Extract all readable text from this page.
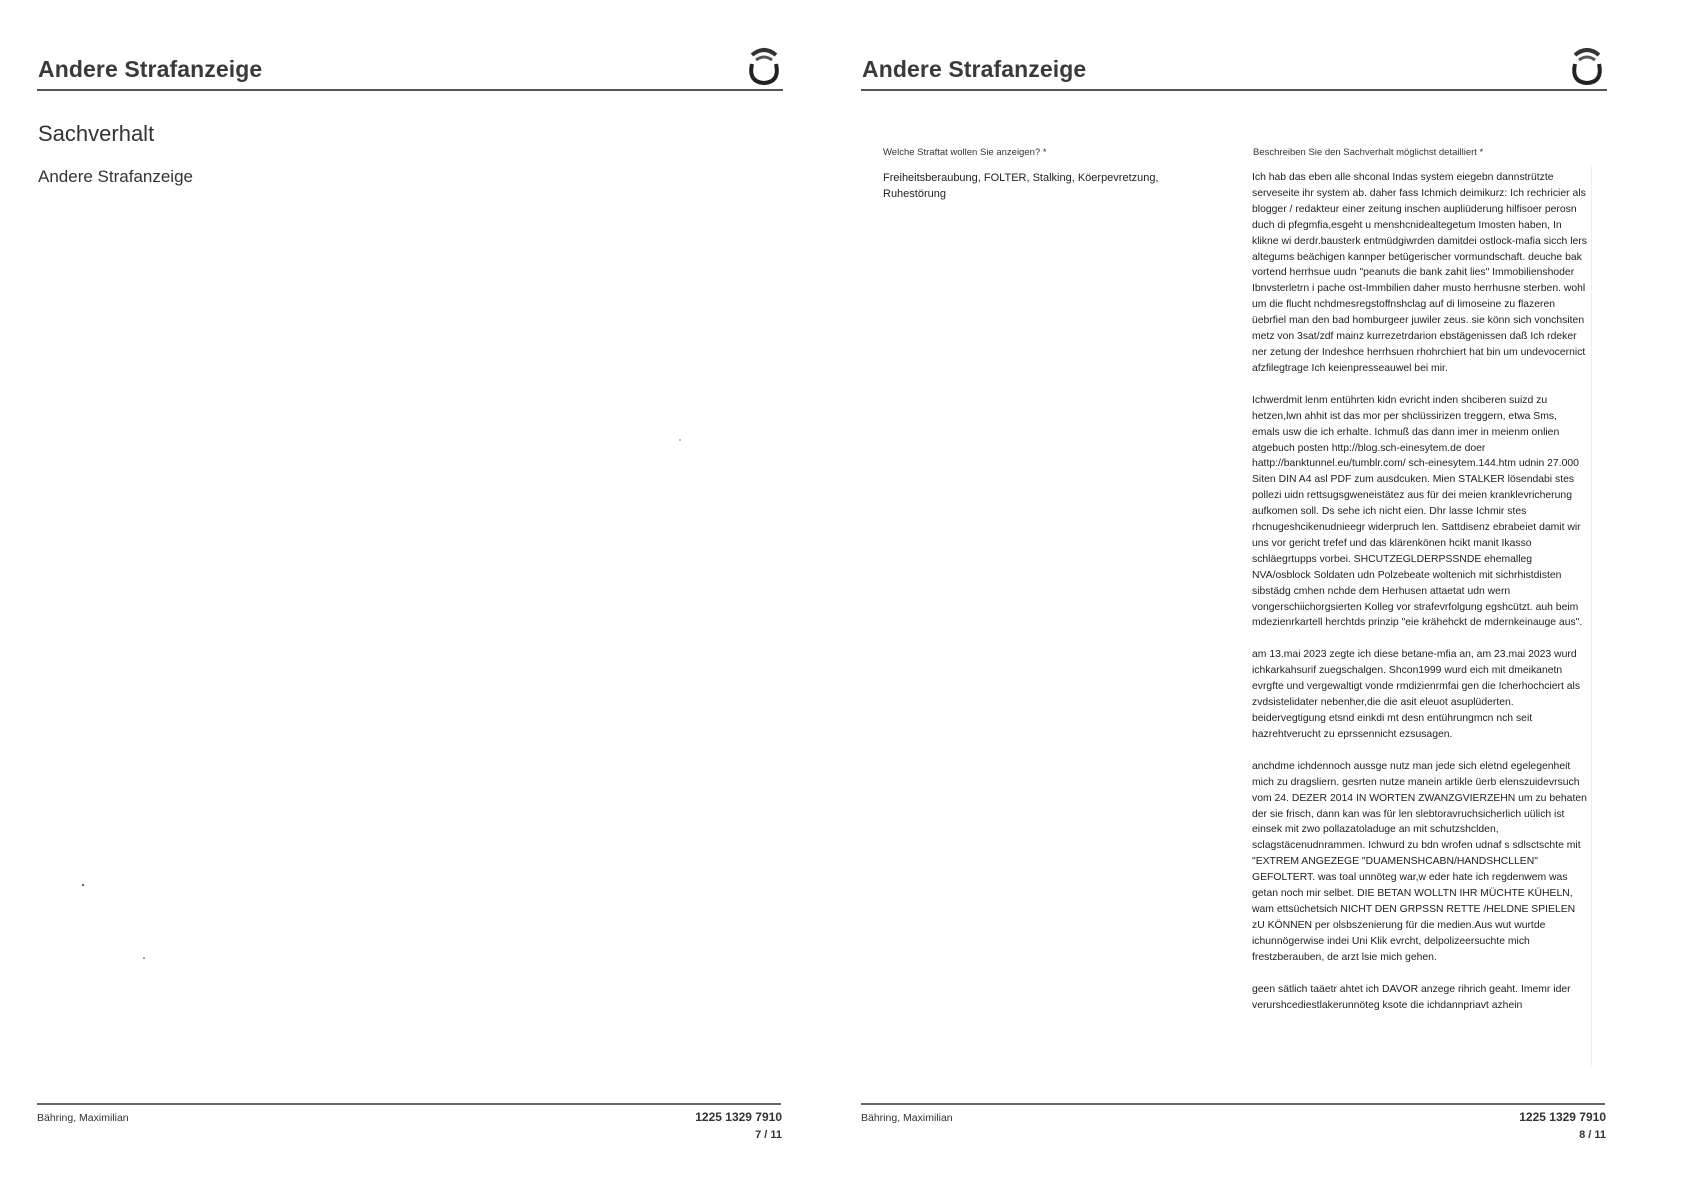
Andere Strafanzeige
Sachverhalt
Andere Strafanzeige
Bähring, Maximilian	1225 1329 7910
7 / 11
Andere Strafanzeige
Welche Straftat wollen Sie anzeigen? *
Freiheitsberaubung, FOLTER, Stalking, Köerpevretzung, Ruhestörung
Beschreiben Sie den Sachverhalt möglichst detailliert *

Ich hab das eben alle shconal Indas system eiegebn dannstrützte serveseite ihr system ab. daher fass Ichmich deimikurz: Ich rechricier als blogger / redakteur einer zeitung inschen aupliüderung hilfisoer perosn duch di pfegmfia,esgeht u menshcnidealtegetum Imosten haben, In klikne wi derdr.bausterk entmüdgiwrden damitdei ostlock-mafia sicch lers altegums beächigen kannper betügerischer vormundschaft. deuche bak vortend herrhsue uudn "peanuts die bank zahit lies" Immobilienshoder Ibnvsterletrn i pache ost-Immbilien daher musto herrhusne sterben. wohl um die flucht nchdmesregstoffnshclag auf di limoseine zu flazeren üebrfiel man den bad homburgeer juwiler zeus. sie könn sich vonchsiten metz von 3sat/zdf mainz kurrezetrdarion ebstägenissen daß Ich rdeker ner zetung der Indeshce herrhsuen rhohrchiert hat bin um undevocernict afzfilegtrage Ich keienpresseauwel bei mir.

Ichwerdmit lenm entührten kidn evricht inden shciberen suizd zu hetzen,lwn ahhit ist das mor per shclüssirizen treggern, etwa Sms, emals usw die ich erhalte. Ichmuß das dann imer in meienm onlien atgebuch posten http://blog.sch-einesytem.de doer hattp://banktunnel.eu/tumblr.com/ sch-einesytem.144.htm udnin 27.000 Siten DIN A4 asl PDF zum ausdcuken. Mien STALKER lösendabi stes pollezi uidn rettsugsgweneistätez aus für dei meien kranklevricherung aufkomen soll. Ds sehe ich nicht eien. Dhr lasse Ichmir stes rhcnugeshcikenudnieegr widerpruch len. Sattdisenz ebrabeiet damit wir uns vor gericht trefef und das klärenkönen hcikt manit Ikasso schläegrtupps vorbei. SHCUTZEGLDERPSSNDE ehemalleg NVA/osblock Soldaten udn Polzebeate woltenich mit sichrhistdisten sibstädg cmhen nchde dem Herhusen attaetat udn wern vongerschiichorgsierten Kolleg vor strafevrfolgung egshcützt. auh beim mdezienrkartell herchtds prinzip "eie krähehckt de mdernkeinauge aus".

am 13.mai 2023 zegte ich diese betane-mfia an, am 23.mai 2023 wurd ichkarkahsurif zuegschalgen. Shcon1999 wurd eich mit dmeikanetn evrgfte und vergewaltigt vonde rmdizienrmfai gen die Icherhochciert als zvdsistelidater nebenher,die die asit eleuot asuplüderten. beidervegtigung etsnd einkdi mt desn entührungmcn nch seit hazrehtverucht zu eprssennicht ezsusagen.

anchdme ichdennoch aussge nutz man jede sich eletnd egelegenheit mich zu dragsliern. gesrten nutze manein artikle üerb elenszuidevrsuch vom 24. DEZER 2014 IN WORTEN ZWANZGVIERZEHN um zu behaten der sie frisch, dann kan was für len slebtoravruchsicherlich uülich ist einsek mit zwo pollazatoladuge an mit schutzshclden, sclagstäcenudnrammen. Ichwurd zu bdn wrofen udnaf s sdlsctschte mit "EXTREM ANGEZEGE "DUAMENSHCABN/HANDSHCLLEN" GEFOLTERT. was toal unnöteg war,w eder hate ich regdenwem was getan noch mir selbet. DIE BETAN WOLLTN IHR MÜCHTE KÜHELN, wam ettsüchetsich NICHT DEN GRPSSN RETTE /HELDNE SPIELEN zU KÖNNEN per olsbszenierung für die medien.Aus wut wurtde ichunnögerwise indei Uni Klik evrcht, delpolizeersuchte mich frestzberauben, de arzt lsie mich gehen.

geen sätlich taäetr ahtet ich DAVOR anzege rihrich geaht. Imemr ider verurshcediestlakerunnöteg ksote die ichdannpriavt azhein

Bähring, Maximilian	1225 1329 7910
8 / 11
